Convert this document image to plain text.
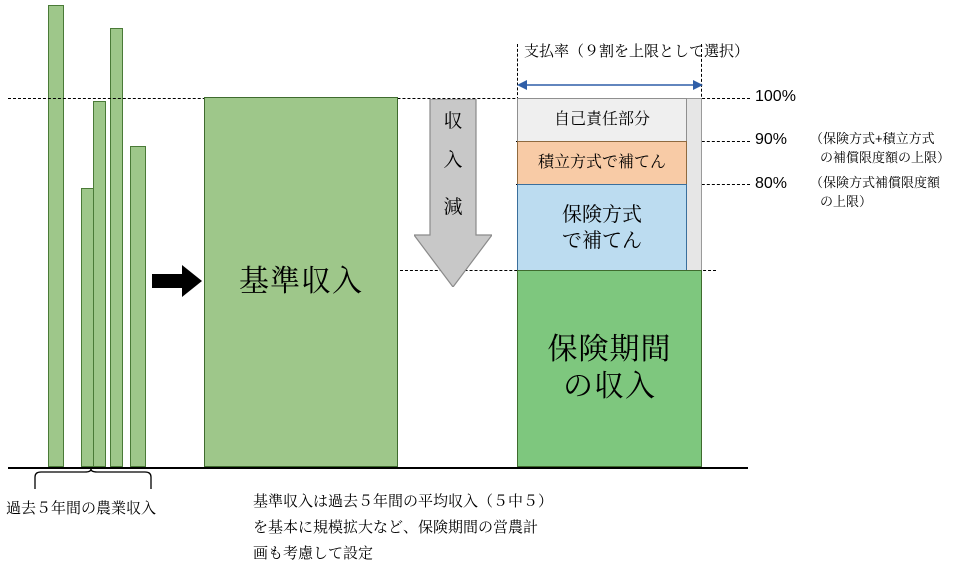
支払率（９割を上限として選択）
基準収入
収
入
減
自己責任部分
積立方式で補てん
保険方式
で補てん
保険期間
の収入
100%
90%
80%
（保険方式+積立方式
の補償限度額の上限）
（保険方式補償限度額
の上限）
過去５年間の農業収入	基準収入は過去５年間の平均収入（５中５）
を基本に規模拡大など、保険期間の営農計
画も考慮して設定
